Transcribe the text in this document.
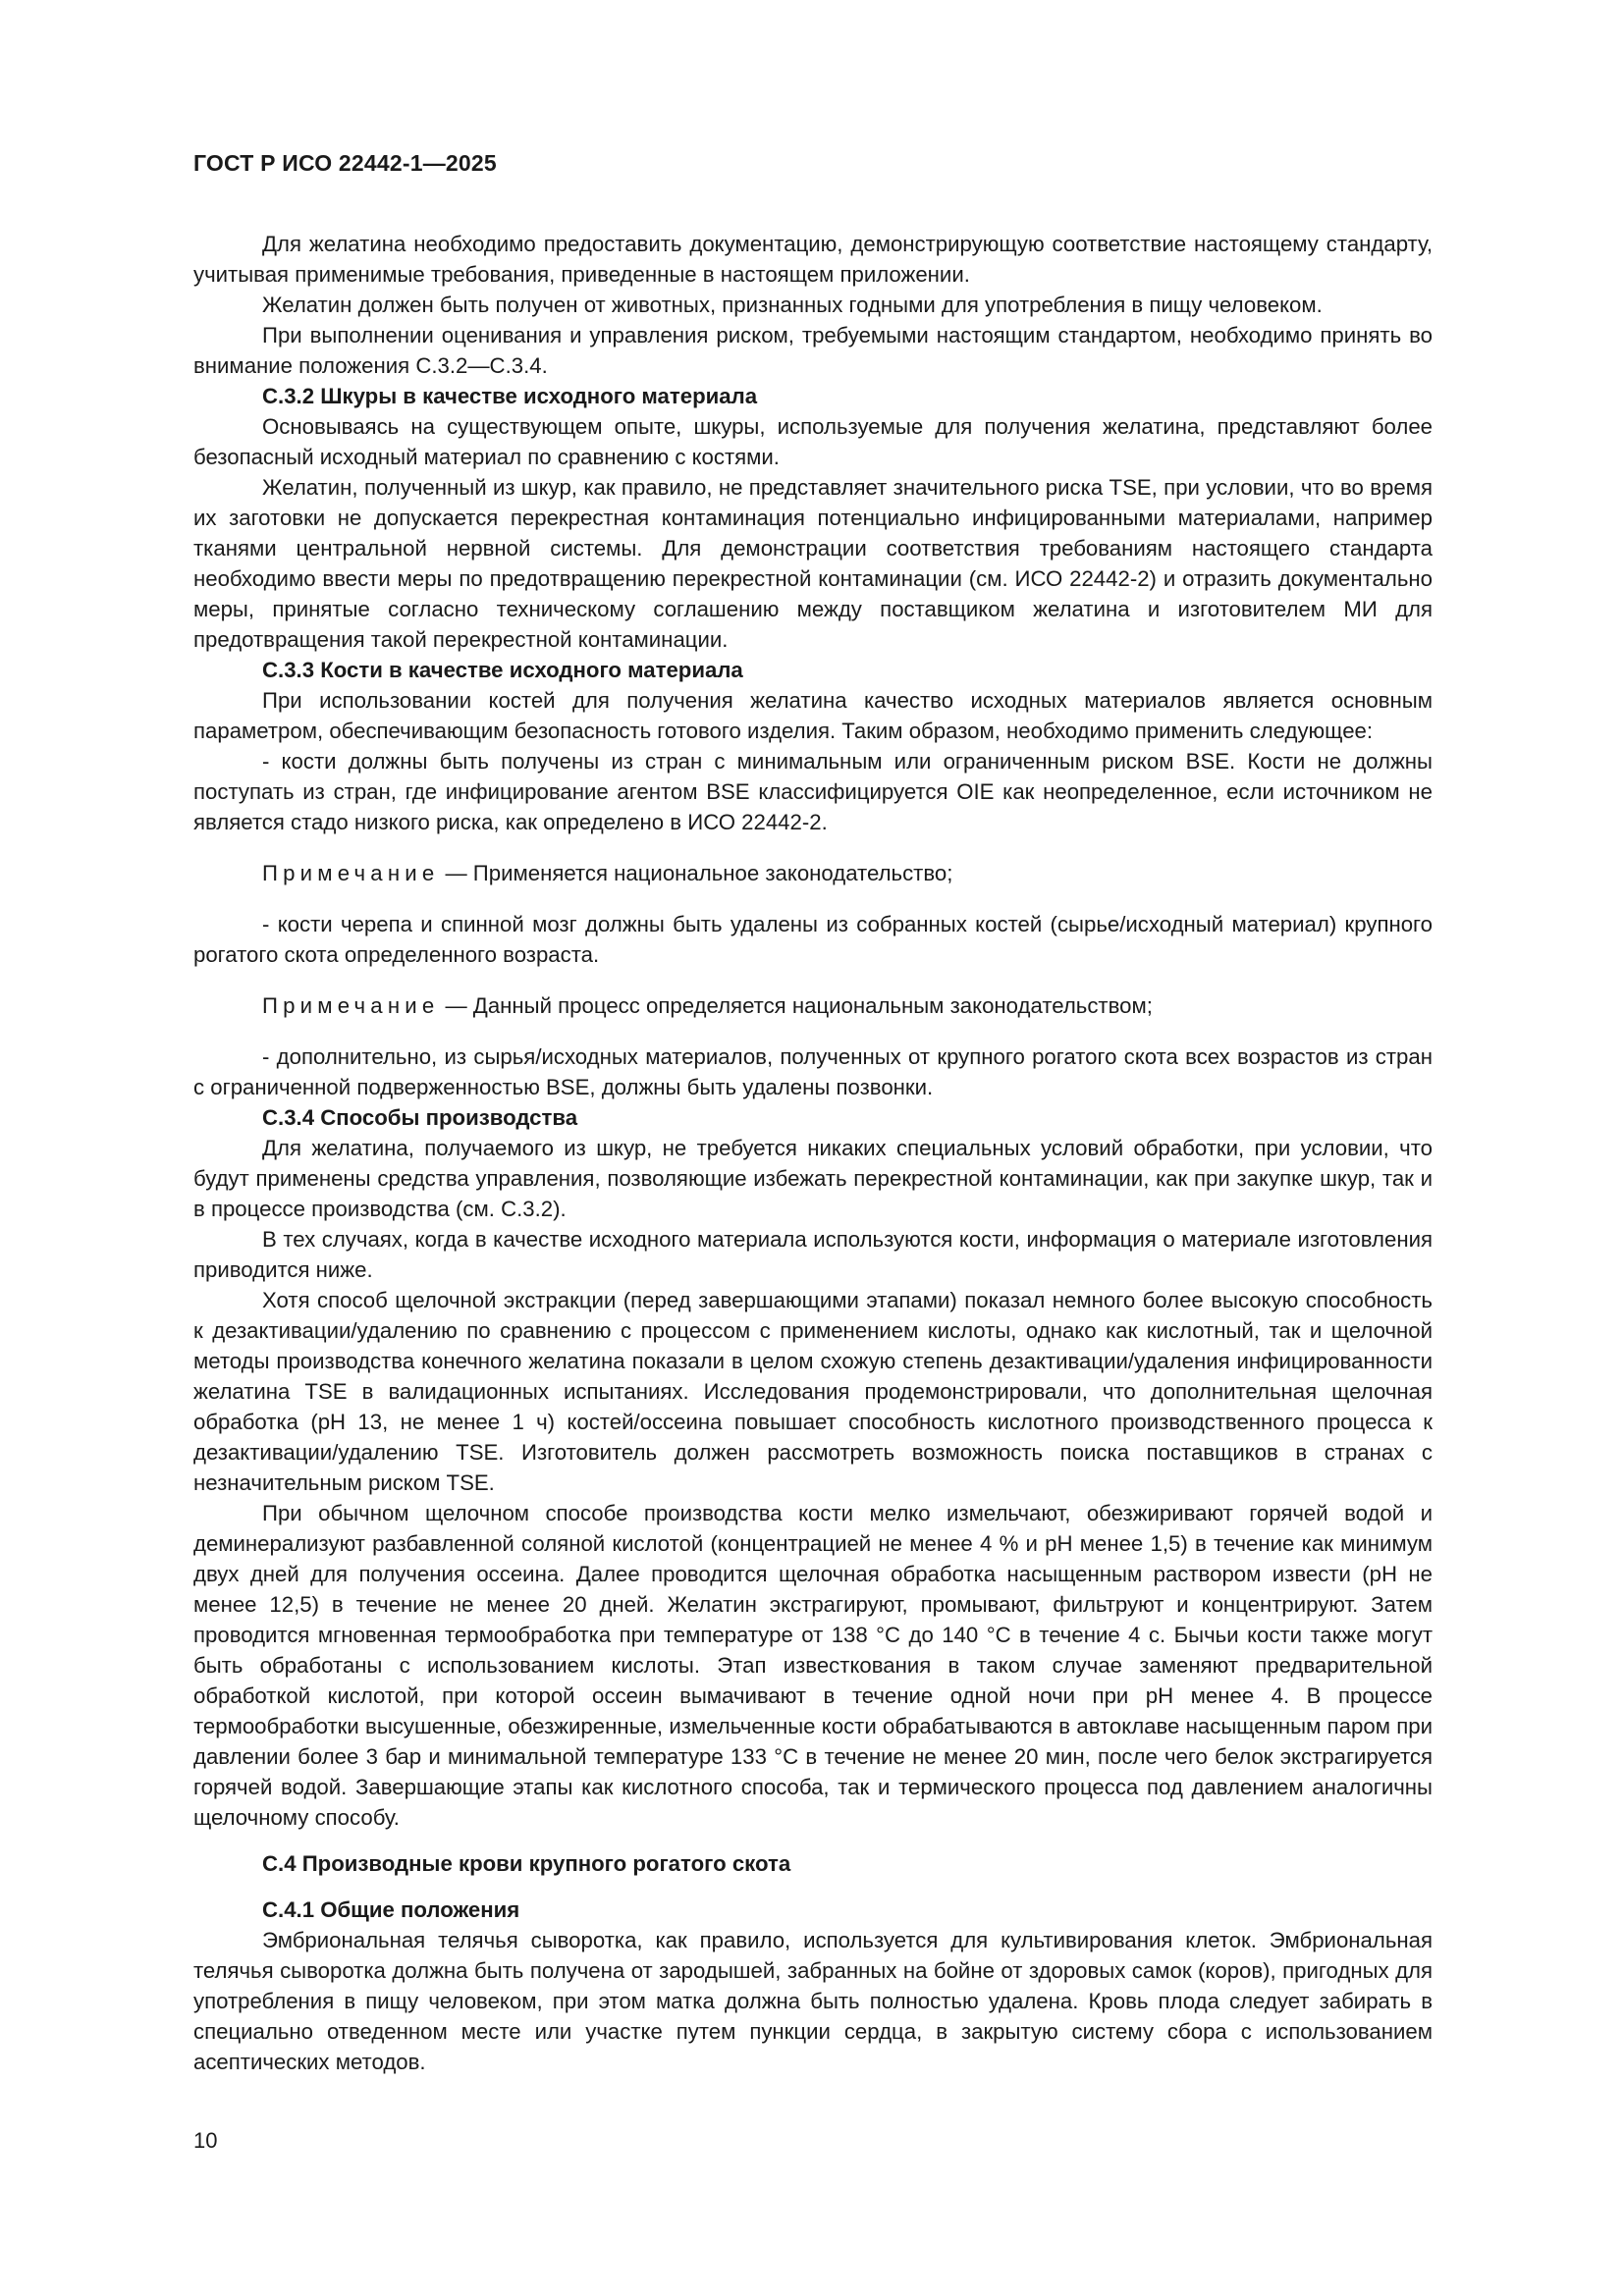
ГОСТ Р ИСО 22442-1—2025

Для желатина необходимо предоставить документацию, демонстрирующую соответствие настоящему стандарту, учитывая применимые требования, приведенные в настоящем приложении.

Желатин должен быть получен от животных, признанных годными для употребления в пищу человеком.

При выполнении оценивания и управления риском, требуемыми настоящим стандартом, необходимо принять во внимание положения С.3.2—С.3.4.

С.3.2 Шкуры в качестве исходного материала

Основываясь на существующем опыте, шкуры, используемые для получения желатина, представляют более безопасный исходный материал по сравнению с костями.

Желатин, полученный из шкур, как правило, не представляет значительного риска TSE, при условии, что во время их заготовки не допускается перекрестная контаминация потенциально инфицированными материалами, например тканями центральной нервной системы. Для демонстрации соответствия требованиям настоящего стандарта необходимо ввести меры по предотвращению перекрестной контаминации (см. ИСО 22442-2) и отразить документально меры, принятые согласно техническому соглашению между поставщиком желатина и изготовителем МИ для предотвращения такой перекрестной контаминации.

С.3.3 Кости в качестве исходного материала

При использовании костей для получения желатина качество исходных материалов является основным параметром, обеспечивающим безопасность готового изделия. Таким образом, необходимо применить следующее:

- кости должны быть получены из стран с минимальным или ограниченным риском BSE. Кости не должны поступать из стран, где инфицирование агентом BSE классифицируется OIE как неопределенное, если источником не является стадо низкого риска, как определено в ИСО 22442-2.

Примечание — Применяется национальное законодательство;

- кости черепа и спинной мозг должны быть удалены из собранных костей (сырье/исходный материал) крупного рогатого скота определенного возраста.

Примечание — Данный процесс определяется национальным законодательством;

- дополнительно, из сырья/исходных материалов, полученных от крупного рогатого скота всех возрастов из стран с ограниченной подверженностью BSE, должны быть удалены позвонки.

С.3.4 Способы производства

Для желатина, получаемого из шкур, не требуется никаких специальных условий обработки, при условии, что будут применены средства управления, позволяющие избежать перекрестной контаминации, как при закупке шкур, так и в процессе производства (см. С.3.2).

В тех случаях, когда в качестве исходного материала используются кости, информация о материале изготовления приводится ниже.

Хотя способ щелочной экстракции (перед завершающими этапами) показал немного более высокую способность к дезактивации/удалению по сравнению с процессом с применением кислоты, однако как кислотный, так и щелочной методы производства конечного желатина показали в целом схожую степень дезактивации/удаления инфицированности желатина TSE в валидационных испытаниях. Исследования продемонстрировали, что дополнительная щелочная обработка (рН 13, не менее 1 ч) костей/оссеина повышает способность кислотного производственного процесса к дезактивации/удалению TSE. Изготовитель должен рассмотреть возможность поиска поставщиков в странах с незначительным риском TSE.

При обычном щелочном способе производства кости мелко измельчают, обезжиривают горячей водой и деминерализуют разбавленной соляной кислотой (концентрацией не менее 4 % и рН менее 1,5) в течение как минимум двух дней для получения оссеина. Далее проводится щелочная обработка насыщенным раствором извести (рН не менее 12,5) в течение не менее 20 дней. Желатин экстрагируют, промывают, фильтруют и концентрируют. Затем проводится мгновенная термообработка при температуре от 138 °C до 140 °C в течение 4 с. Бычьи кости также могут быть обработаны с использованием кислоты. Этап известкования в таком случае заменяют предварительной обработкой кислотой, при которой оссеин вымачивают в течение одной ночи при рН менее 4. В процессе термообработки высушенные, обезжиренные, измельченные кости обрабатываются в автоклаве насыщенным паром при давлении более 3 бар и минимальной температуре 133 °C в течение не менее 20 мин, после чего белок экстрагируется горячей водой. Завершающие этапы как кислотного способа, так и термического процесса под давлением аналогичны щелочному способу.

С.4 Производные крови крупного рогатого скота

С.4.1 Общие положения

Эмбриональная телячья сыворотка, как правило, используется для культивирования клеток. Эмбриональная телячья сыворотка должна быть получена от зародышей, забранных на бойне от здоровых самок (коров), пригодных для употребления в пищу человеком, при этом матка должна быть полностью удалена. Кровь плода следует забирать в специально отведенном месте или участке путем пункции сердца, в закрытую систему сбора с использованием асептических методов.

10
